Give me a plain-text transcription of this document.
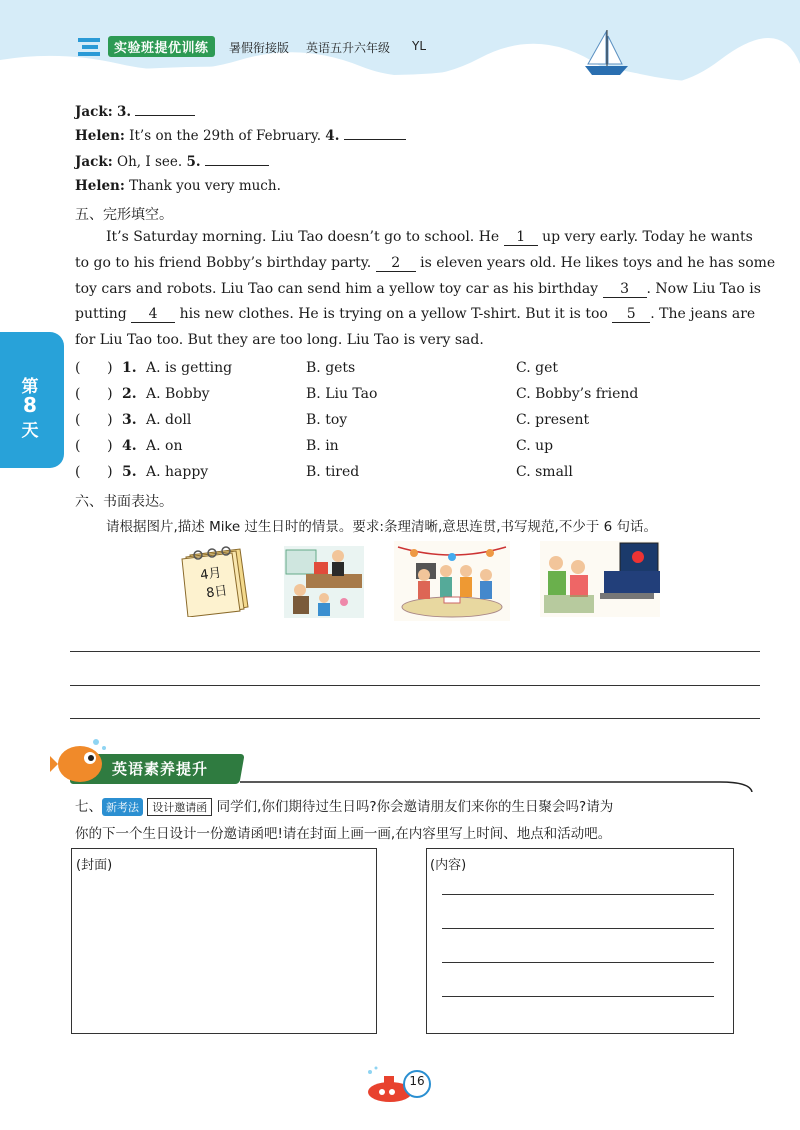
实验班提优训练	暑假衔接版 英语五升六年级 YL
第
8
天
Jack: 3.
Helen: It’s on the 29th of February. 4.
Jack: Oh, I see. 5.
Helen: Thank you very much.
五、完形填空。
It’s Saturday morning. Liu Tao doesn’t go to school. He 1 up very early. Today he wants
to go to his friend Bobby’s birthday party. 2 is eleven years old. He likes toys and he has some
toy cars and robots. Liu Tao can send him a yellow toy car as his birthday 3 . Now Liu Tao is
putting 4 his new clothes. He is trying on a yellow T-shirt. But it is too 5 . The jeans are
for Liu Tao too. But they are too long. Liu Tao is very sad.
(      ) 1. A. is getting	B. gets	C. get
(      ) 2. A. Bobby	B. Liu Tao	C. Bobby’s friend
(      ) 3. A. doll	B. toy	C. present
(      ) 4. A. on	B. in	C. up
(      ) 5. A. happy	B. tired	C. small
六、书面表达。
请根据图片,描述 Mike 过生日时的情景。要求:条理清晰,意思连贯,书写规范,不少于 6 句话。
4月
8日
英语素养提升
七、 新考法 设计邀请函 同学们,你们期待过生日吗?你会邀请朋友们来你的生日聚会吗?请为
你的下一个生日设计一份邀请函吧!请在封面上画一画,在内容里写上时间、地点和活动吧。
(封面)	(内容)
16
